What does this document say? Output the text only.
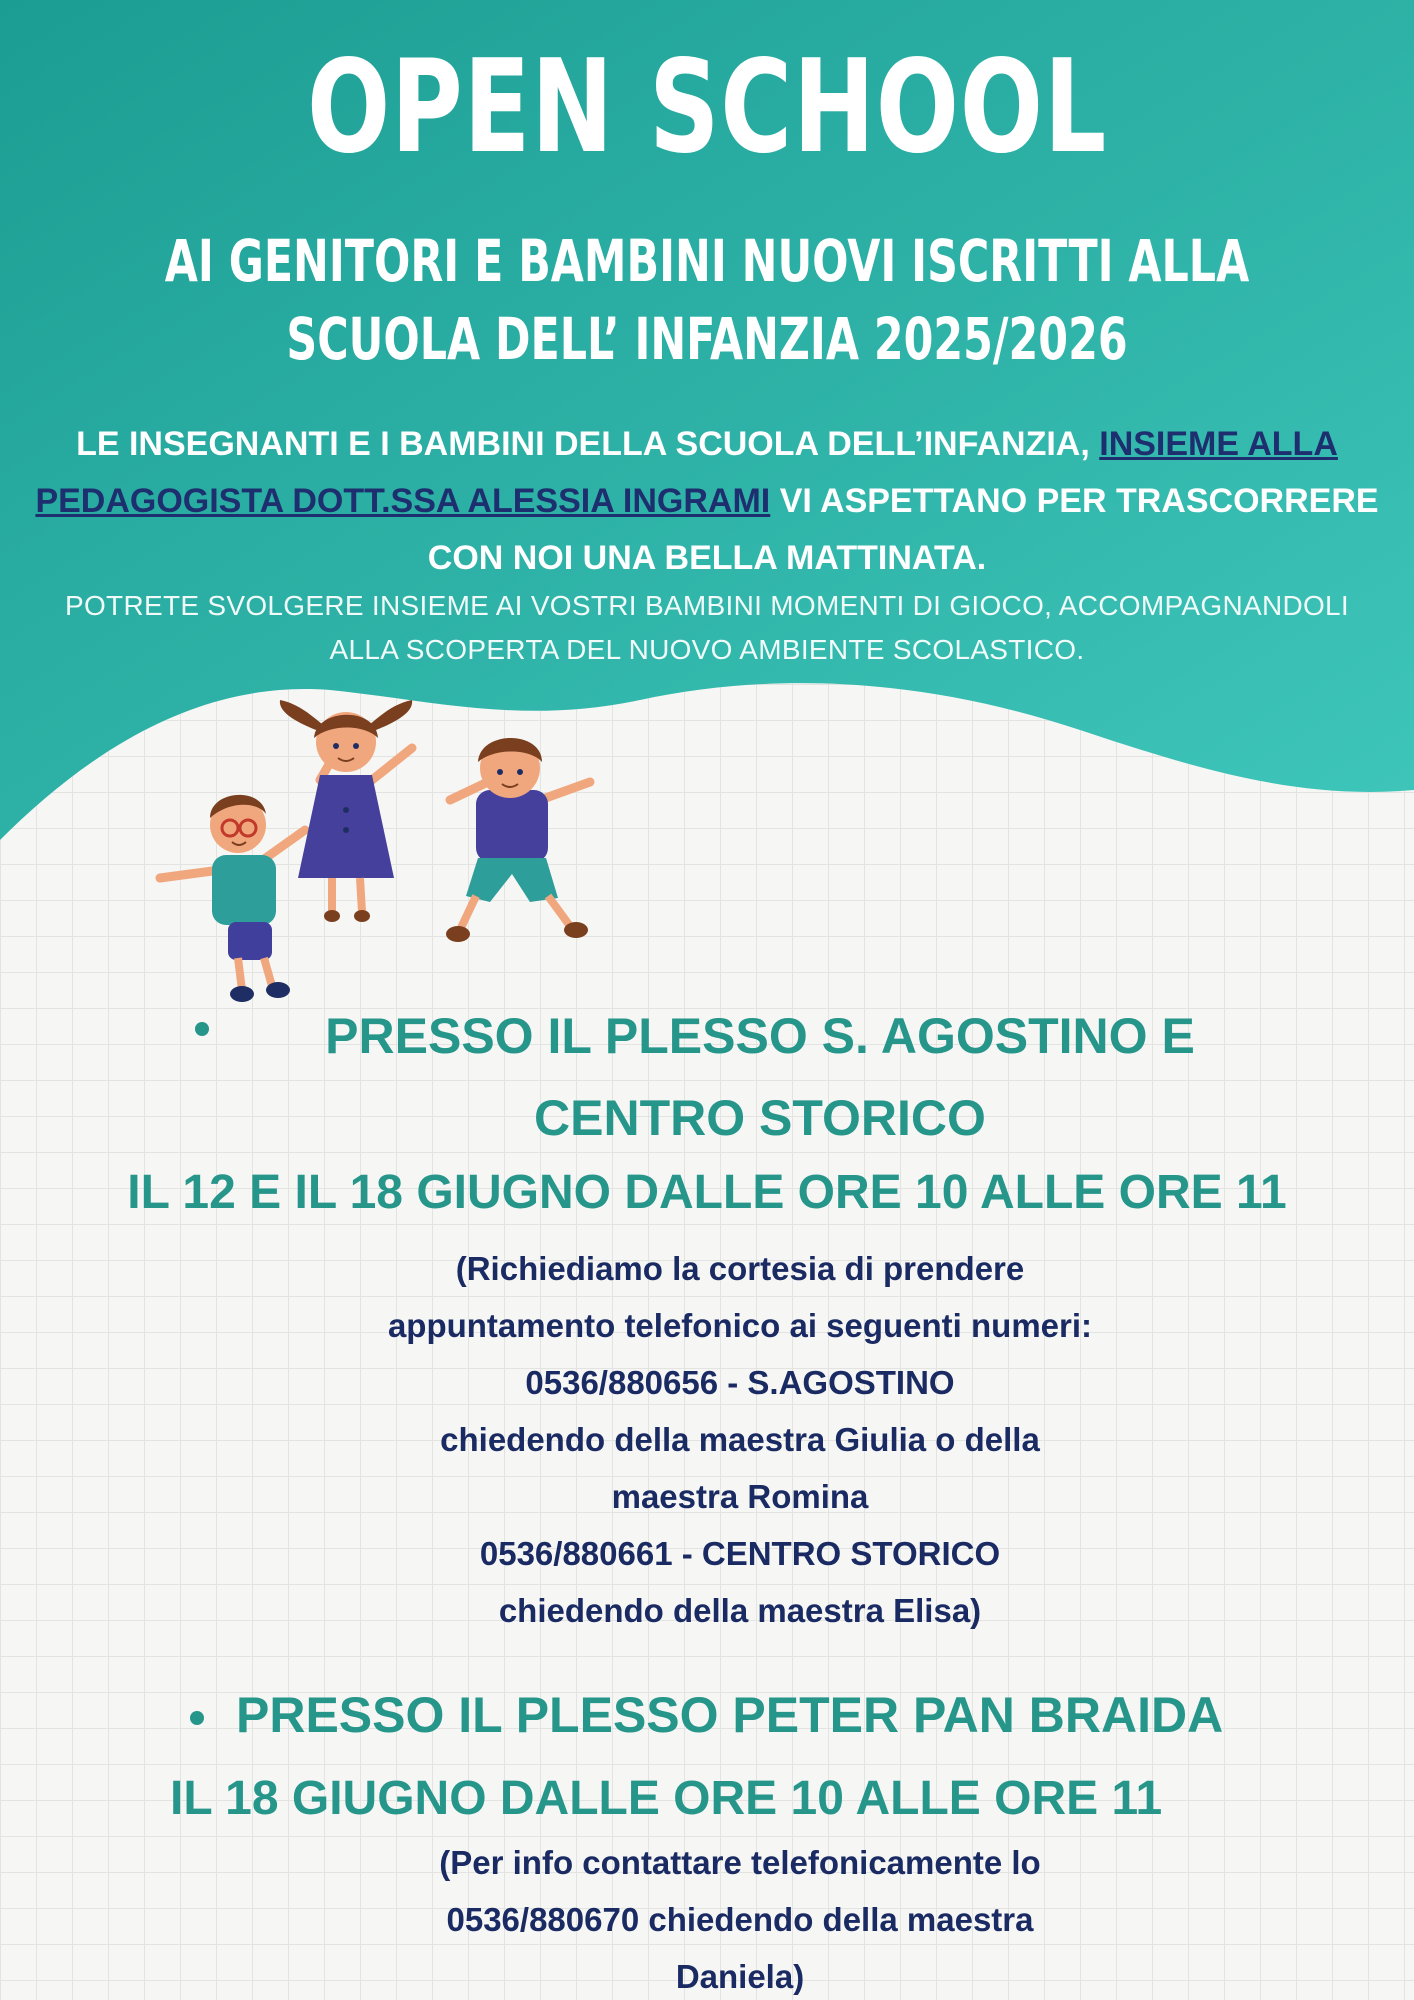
OPEN SCHOOL
AI GENITORI E BAMBINI NUOVI ISCRITTI ALLA
SCUOLA DELL’ INFANZIA 2025/2026
LE INSEGNANTI E I BAMBINI DELLA SCUOLA DELL’INFANZIA, INSIEME ALLA PEDAGOGISTA DOTT.SSA ALESSIA INGRAMI VI ASPETTANO PER TRASCORRERE CON NOI UNA BELLA MATTINATA.
POTRETE SVOLGERE INSIEME AI VOSTRI BAMBINI MOMENTI DI GIOCO, ACCOMPAGNANDOLI
ALLA SCOPERTA DEL NUOVO AMBIENTE SCOLASTICO.
PRESSO IL PLESSO S. AGOSTINO E
CENTRO STORICO
IL 12 E IL 18 GIUGNO DALLE ORE 10 ALLE ORE 11
(Richiediamo la cortesia di prendere
appuntamento telefonico ai seguenti numeri:
0536/880656 - S.AGOSTINO
chiedendo della maestra Giulia o della
maestra Romina
0536/880661 - CENTRO STORICO
chiedendo della maestra Elisa)
PRESSO IL PLESSO PETER PAN BRAIDA
IL 18 GIUGNO DALLE ORE 10 ALLE ORE 11
(Per info contattare telefonicamente lo
0536/880670 chiedendo della maestra
Daniela)
